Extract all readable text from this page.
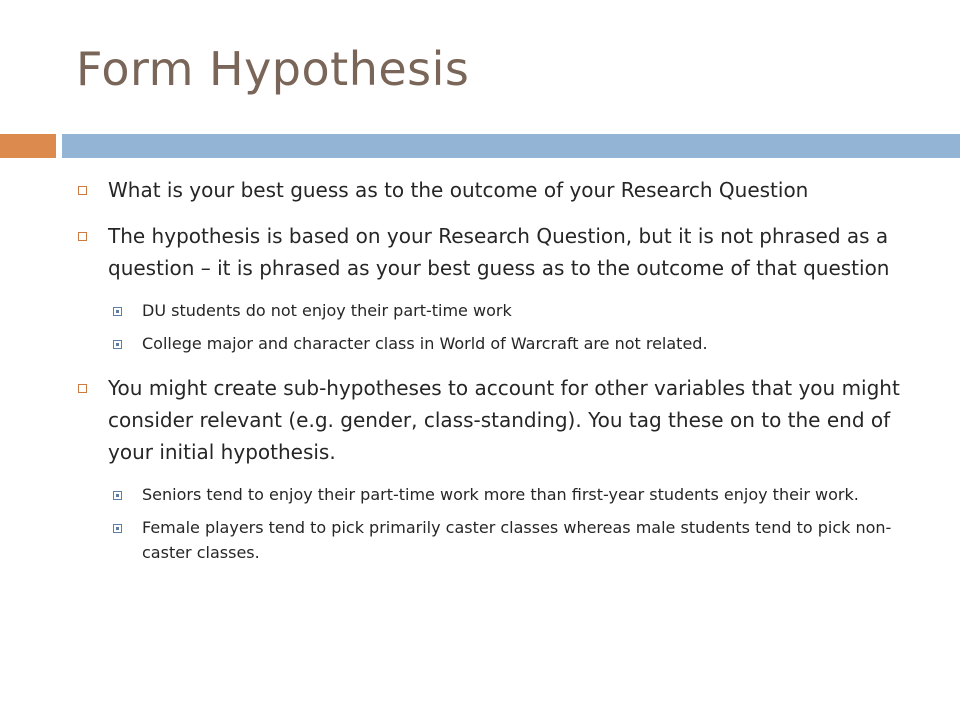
Form Hypothesis
What is your best guess as to the outcome of your Research Question
The hypothesis is based on your Research Question, but it is not phrased as a question – it is phrased as your best guess as to the outcome of that question
DU students do not enjoy their part-time work
College major and character class in World of Warcraft are not related.
You might create sub-hypotheses to account for other variables that you might consider relevant (e.g. gender, class-standing). You tag these on to the end of your initial hypothesis.
Seniors tend to enjoy their part-time work more than first-year students enjoy their work.
Female players tend to pick primarily caster classes whereas male students tend to pick non-caster classes.
